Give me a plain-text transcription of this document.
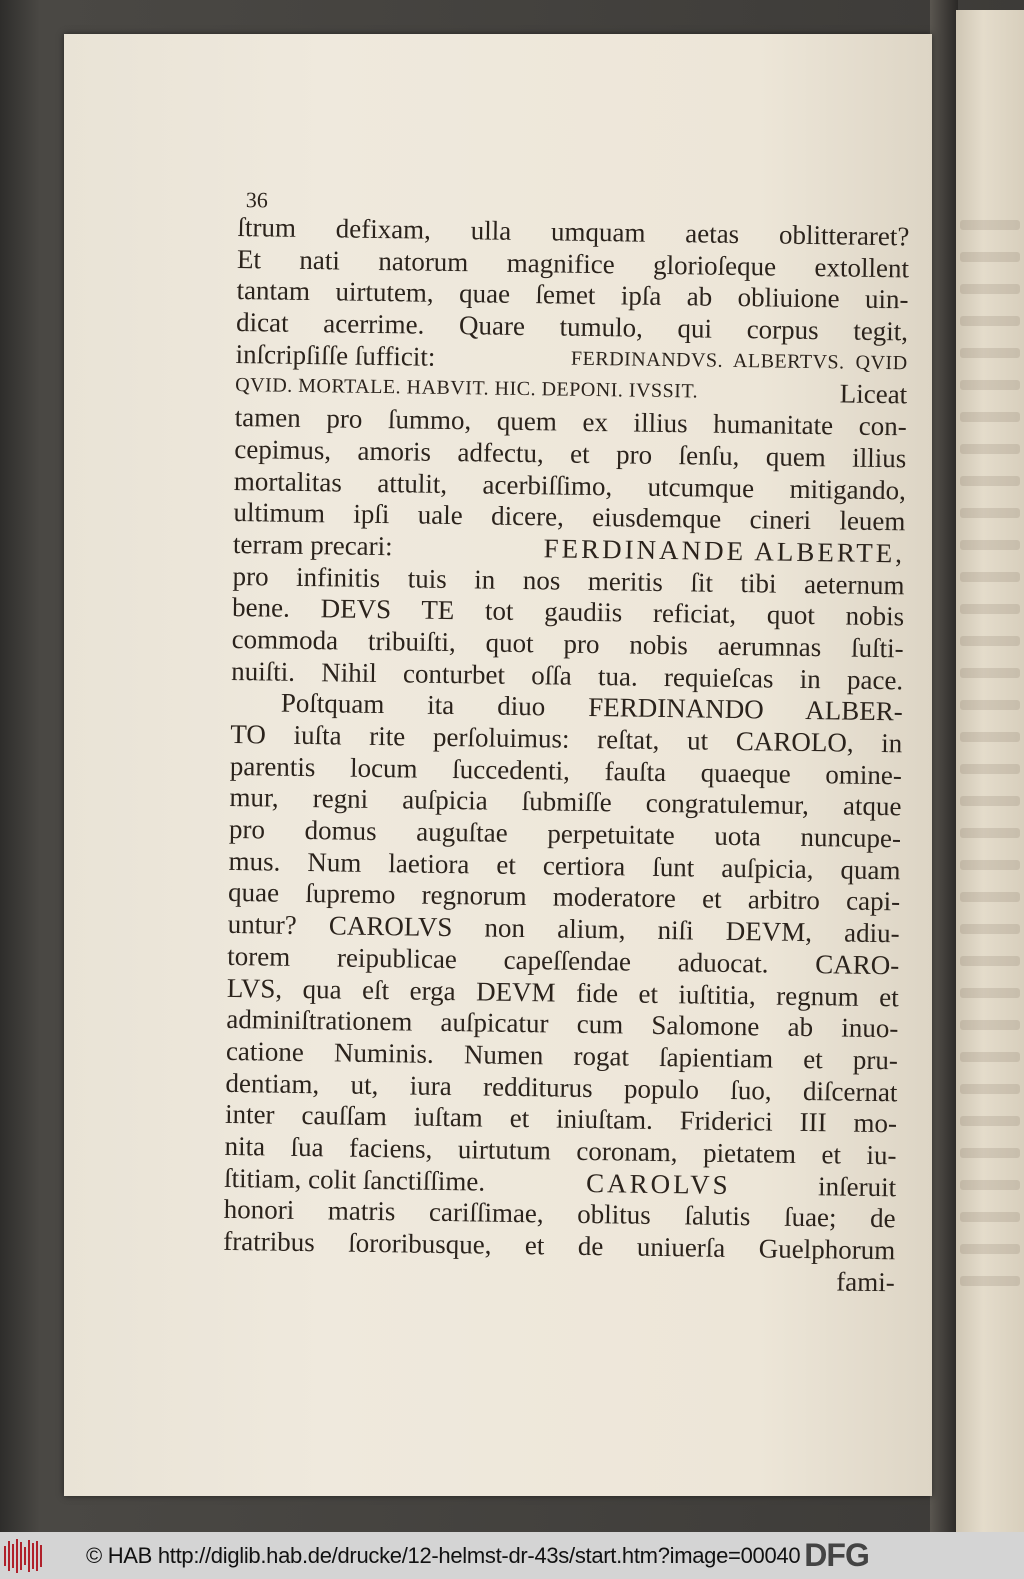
36
ſtrum defixam, ulla umquam aetas oblitteraret?
Et nati natorum magnifice glorioſeque extollent
tantam uirtutem, quae ſemet ipſa ab obliuione uin-
dicat acerrime. Quare tumulo, qui corpus tegit,
inſcripſiſſe ſufficit:	FERDINANDVS.  ALBERTVS.  QVID
QVID. MORTALE. HABVIT. HIC. DEPONI. IVSSIT.	Liceat
tamen pro ſummo, quem ex illius humanitate con-
cepimus, amoris adfectu, et pro ſenſu, quem illius
mortalitas attulit, acerbiſſimo, utcumque mitigando,
ultimum ipſi uale dicere, eiusdemque cineri leuem
terram precari:	FERDINANDE ALBERTE,
pro infinitis tuis in nos meritis ſit tibi aeternum
bene. DEVS TE tot gaudiis reficiat, quot nobis
commoda tribuiſti, quot pro nobis aerumnas ſuſti-
nuiſti. Nihil conturbet oſſa tua. requieſcas in pace.
Poſtquam ita diuo FERDINANDO ALBER-
TO iuſta rite perſoluimus: reſtat, ut CAROLO, in
parentis locum ſuccedenti, fauſta quaeque omine-
mur, regni auſpicia ſubmiſſe congratulemur, atque
pro domus auguſtae perpetuitate uota nuncupe-
mus. Num laetiora et certiora ſunt auſpicia, quam
quae ſupremo regnorum moderatore et arbitro capi-
untur? CAROLVS non alium, niſi DEVM, adiu-
torem reipublicae capeſſendae aduocat. CARO-
LVS, qua eſt erga DEVM fide et iuſtitia, regnum et
adminiſtrationem auſpicatur cum Salomone ab inuo-
catione Numinis. Numen rogat ſapientiam et pru-
dentiam, ut, iura redditurus populo ſuo, diſcernat
inter cauſſam iuſtam et iniuſtam. Friderici III mo-
nita ſua faciens, uirtutum coronam, pietatem et iu-
ſtitiam, colit ſanctiſſime.	CAROLVS	inſeruit
honori matris cariſſimae, oblitus ſalutis ſuae; de
fratribus ſororibusque, et de uniuerſa Guelphorum
fami-
© HAB http://diglib.hab.de/drucke/12-helmst-dr-43s/start.htm?image=00040 DFG
